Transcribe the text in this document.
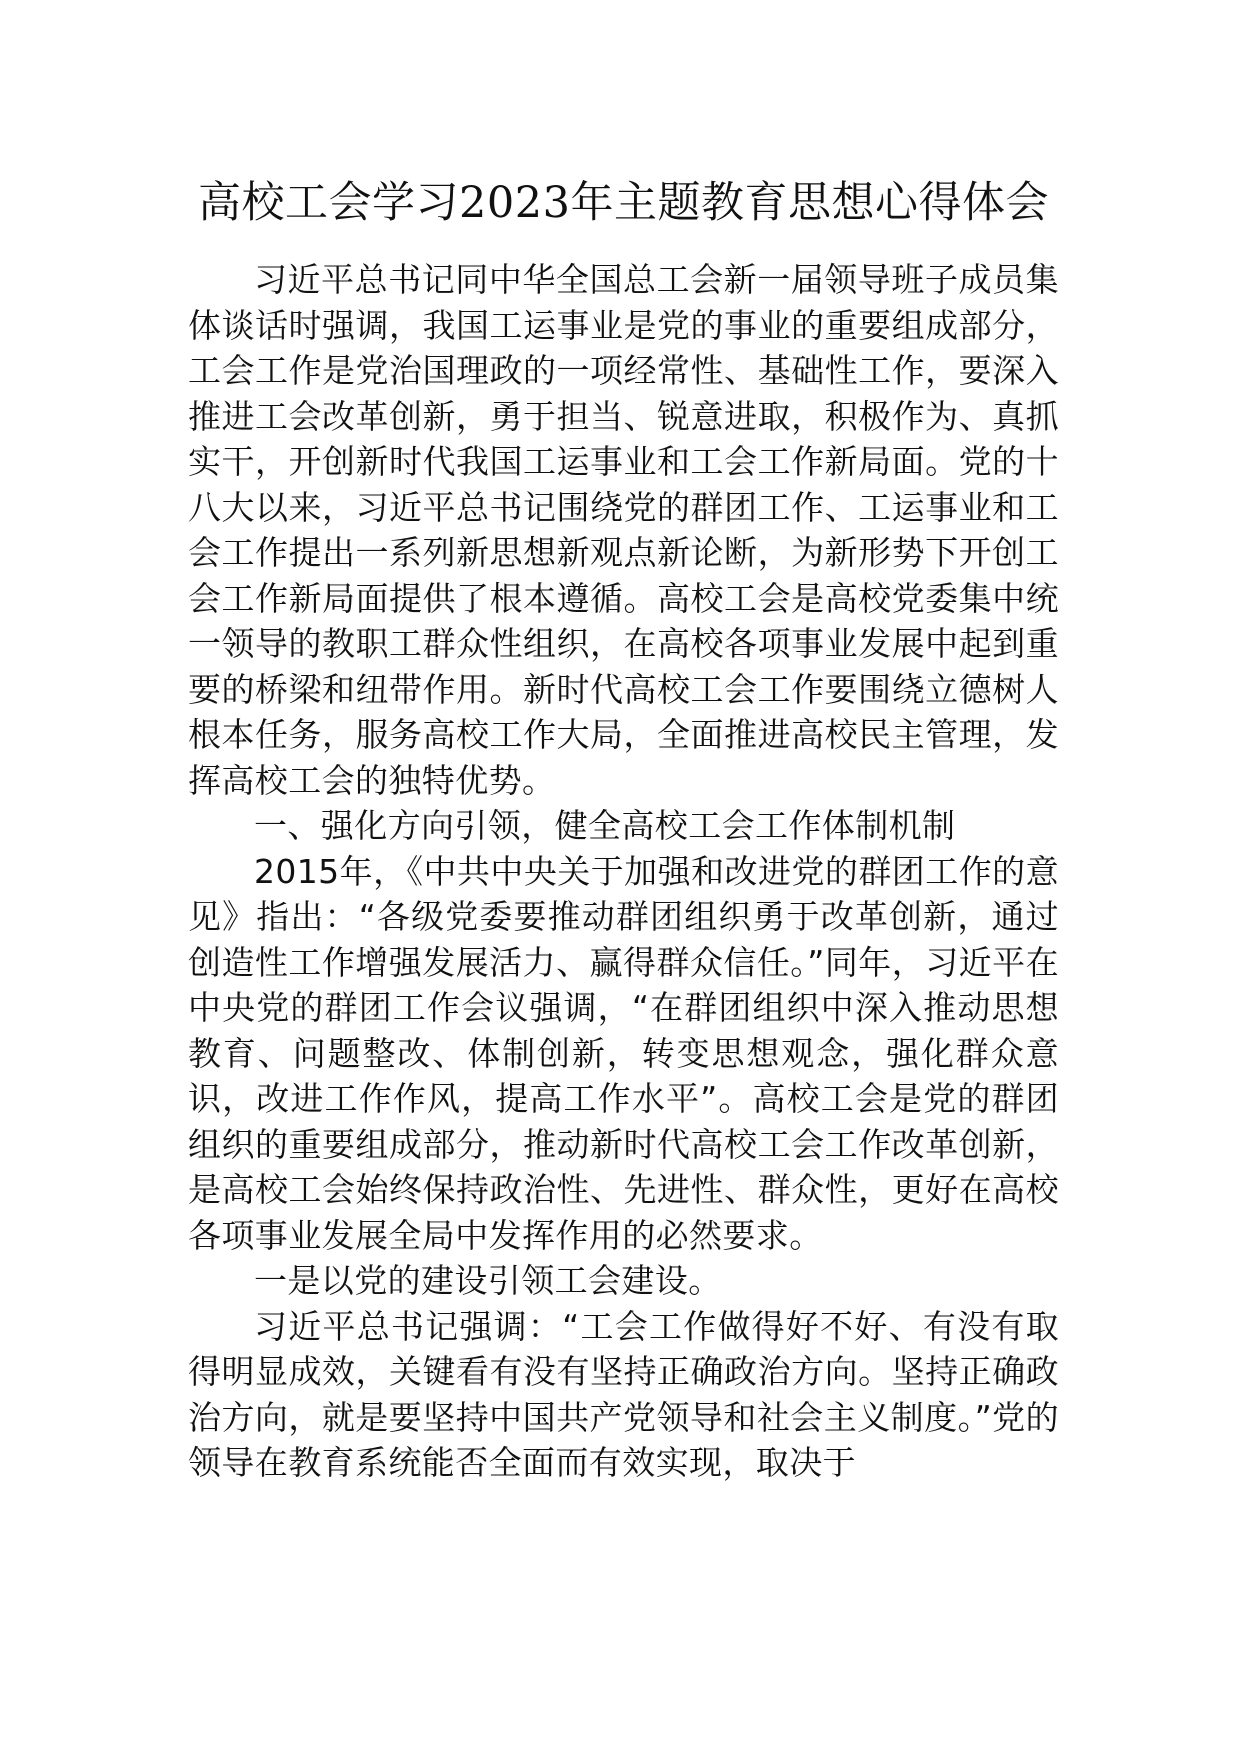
高校工会学习2023年主题教育思想心得体会

习近平总书记同中华全国总工会新一届领导班子成员集体谈话时强调，我国工运事业是党的事业的重要组成部分，工会工作是党治国理政的一项经常性、基础性工作，要深入推进工会改革创新，勇于担当、锐意进取，积极作为、真抓实干，开创新时代我国工运事业和工会工作新局面。党的十八大以来，习近平总书记围绕党的群团工作、工运事业和工会工作提出一系列新思想新观点新论断，为新形势下开创工会工作新局面提供了根本遵循。高校工会是高校党委集中统一领导的教职工群众性组织，在高校各项事业发展中起到重要的桥梁和纽带作用。新时代高校工会工作要围绕立德树人根本任务，服务高校工作大局，全面推进高校民主管理，发挥高校工会的独特优势。

一、强化方向引领，健全高校工会工作体制机制

2015年，《中共中央关于加强和改进党的群团工作的意见》指出：“各级党委要推动群团组织勇于改革创新，通过创造性工作增强发展活力、赢得群众信任。”同年，习近平在中央党的群团工作会议强调，“在群团组织中深入推动思想教育、问题整改、体制创新，转变思想观念，强化群众意识，改进工作作风，提高工作水平”。高校工会是党的群团组织的重要组成部分，推动新时代高校工会工作改革创新，是高校工会始终保持政治性、先进性、群众性，更好在高校各项事业发展全局中发挥作用的必然要求。

一是以党的建设引领工会建设。

习近平总书记强调：“工会工作做得好不好、有没有取得明显成效，关键看有没有坚持正确政治方向。坚持正确政治方向，就是要坚持中国共产党领导和社会主义制度。”党的领导在教育系统能否全面而有效实现，取决于
